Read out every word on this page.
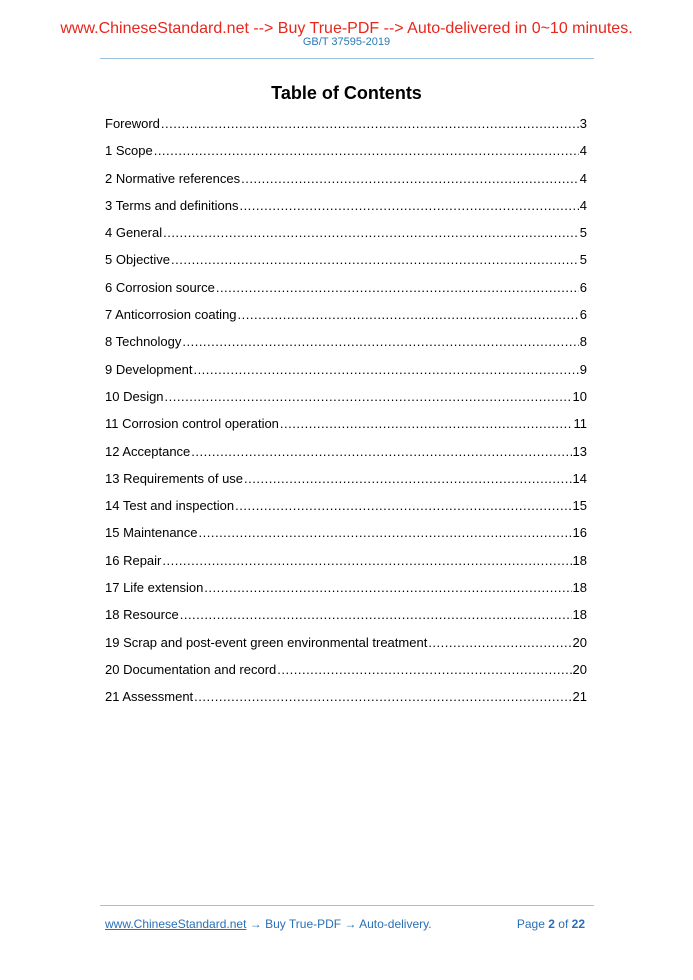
www.ChineseStandard.net --> Buy True-PDF --> Auto-delivered in 0~10 minutes.
GB/T 37595-2019
Table of Contents
Foreword .....	3
1 Scope .....	4
2 Normative references .....	4
3 Terms and definitions .....	4
4 General .....	5
5 Objective .....	5
6 Corrosion source .....	6
7 Anticorrosion coating .....	6
8 Technology .....	8
9 Development .....	9
10 Design .....	10
11 Corrosion control operation .....	11
12 Acceptance .....	13
13 Requirements of use .....	14
14 Test and inspection .....	15
15 Maintenance .....	16
16 Repair .....	18
17 Life extension .....	18
18 Resource .....	18
19 Scrap and post-event green environmental treatment .....	20
20 Documentation and record .....	20
21 Assessment .....	21
www.ChineseStandard.net → Buy True-PDF → Auto-delivery.	Page 2 of 22
